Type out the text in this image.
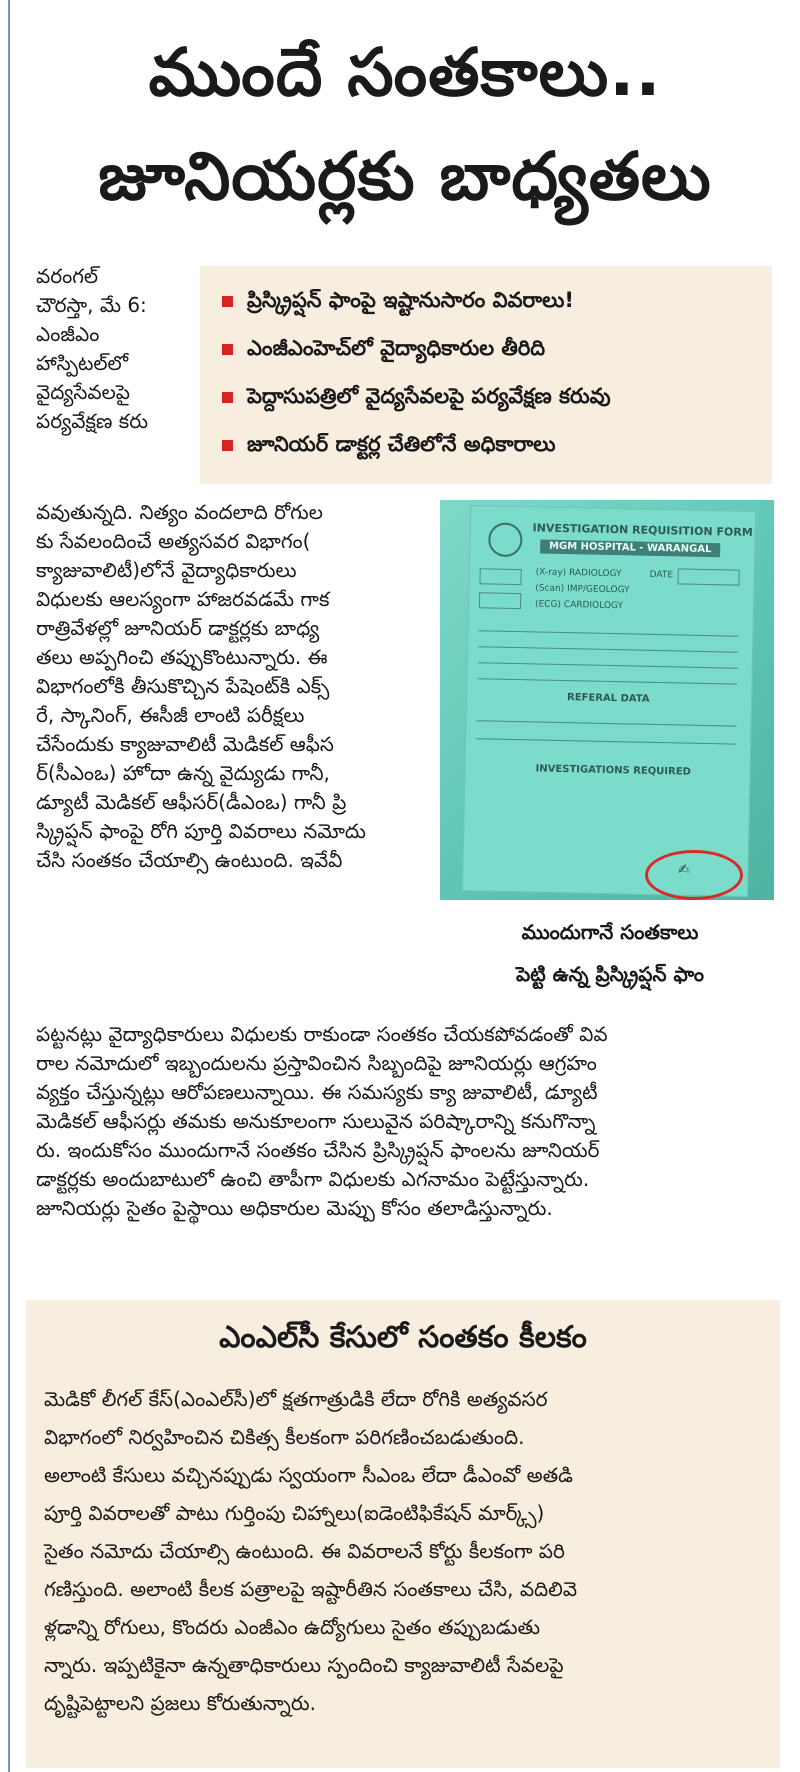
ముందే సంతకాలు..
జూనియర్లకు బాధ్యతలు

వరంగల్
చౌరస్తా, మే 6:
ఎంజీఎం
హాస్పిటల్‌లో
వైద్యసేవలపై
పర్యవేక్షణ కరు

ప్రిస్క్రిప్షన్ ఫాంపై ఇష్టానుసారం వివరాలు!
ఎంజీఎంహెచ్‌లో వైద్యాధికారుల తీరిది
పెద్దాసుపత్రిలో వైద్యసేవలపై పర్యవేక్షణ కరువు
జూనియర్ డాక్టర్ల చేతిలోనే అధికారాలు

వవుతున్నది. నిత్యం వందలాది రోగుల
కు సేవలందించే అత్యసవర విభాగం(
క్యాజువాలిటీ)లోనే వైద్యాధికారులు
విధులకు ఆలస్యంగా హాజరవడమే గాక
రాత్రివేళల్లో జూనియర్ డాక్టర్లకు బాధ్య
తలు అప్పగించి తప్పుకొంటున్నారు. ఈ
విభాగంలోకి తీసుకొచ్చిన పేషెంట్‌కి ఎక్స్
రే, స్కానింగ్, ఈసీజీ లాంటి పరీక్షలు
చేసేందుకు క్యాజువాలిటీ మెడికల్ ఆఫీస
ర్(సీఎంఒ) హోదా ఉన్న వైద్యుడు గానీ,
డ్యూటీ మెడికల్ ఆఫీసర్(డీఎంఒ) గానీ ప్రి
స్క్రిప్షన్ ఫాంపై రోగి పూర్తి వివరాలు నమోదు
చేసి సంతకం చేయాల్సి ఉంటుంది. ఇవేవీ

INVESTIGATION REQUISITION FORM
MGM HOSPITAL - WARANGAL
(X-ray) RADIOLOGY
(Scan) IMP/GEOLOGY
(ECG) CARDIOLOGY
DATE
REFERAL DATA
INVESTIGATIONS REQUIRED
✍
ముందుగానే సంతకాలు
పెట్టి ఉన్న ప్రిస్క్రిప్షన్ ఫాం

పట్టనట్లు వైద్యాధికారులు విధులకు రాకుండా సంతకం చేయకపోవడంతో వివ
రాల నమోదులో ఇబ్బందులను ప్రస్తావించిన సిబ్బందిపై జూనియర్లు ఆగ్రహం
వ్యక్తం చేస్తున్నట్లు ఆరోపణలున్నాయి. ఈ సమస్యకు క్యా జువాలిటీ, డ్యూటీ
మెడికల్ ఆఫీసర్లు తమకు అనుకూలంగా సులువైన పరిష్కారాన్ని కనుగొన్నా
రు. ఇందుకోసం ముందుగానే సంతకం చేసిన ప్రిస్క్రిప్షన్ ఫాంలను జూనియర్
డాక్టర్లకు అందుబాటులో ఉంచి తాపీగా విధులకు ఎగనామం పెట్టేస్తున్నారు.
జూనియర్లు సైతం పైస్థాయి అధికారుల మెప్పు కోసం తలాడిస్తున్నారు.

ఎంఎల్‌సీ కేసులో సంతకం కీలకం

మెడికో లీగల్ కేస్(ఎంఎల్‌సీ)లో క్షతగాత్రుడికి లేదా రోగికి అత్యవసర
విభాగంలో నిర్వహించిన చికిత్స కీలకంగా పరిగణించబడుతుంది.
అలాంటి కేసులు వచ్చినప్పుడు స్వయంగా సీఎంఒ లేదా డీఎంవో అతడి
పూర్తి వివరాలతో పాటు గుర్తింపు చిహ్నాలు(ఐడెంటిఫికేషన్ మార్క్స్)
సైతం నమోదు చేయాల్సి ఉంటుంది. ఈ వివరాలనే కోర్టు కీలకంగా పరి
గణిస్తుంది. అలాంటి కీలక పత్రాలపై ఇష్టారీతిన సంతకాలు చేసి, వదిలివె
ళ్లడాన్ని రోగులు, కొందరు ఎంజీఎం ఉద్యోగులు సైతం తప్పుబడుతు
న్నారు. ఇప్పటికైనా ఉన్నతాధికారులు స్పందించి క్యాజువాలిటీ సేవలపై
దృష్టిపెట్టాలని ప్రజలు కోరుతున్నారు.
